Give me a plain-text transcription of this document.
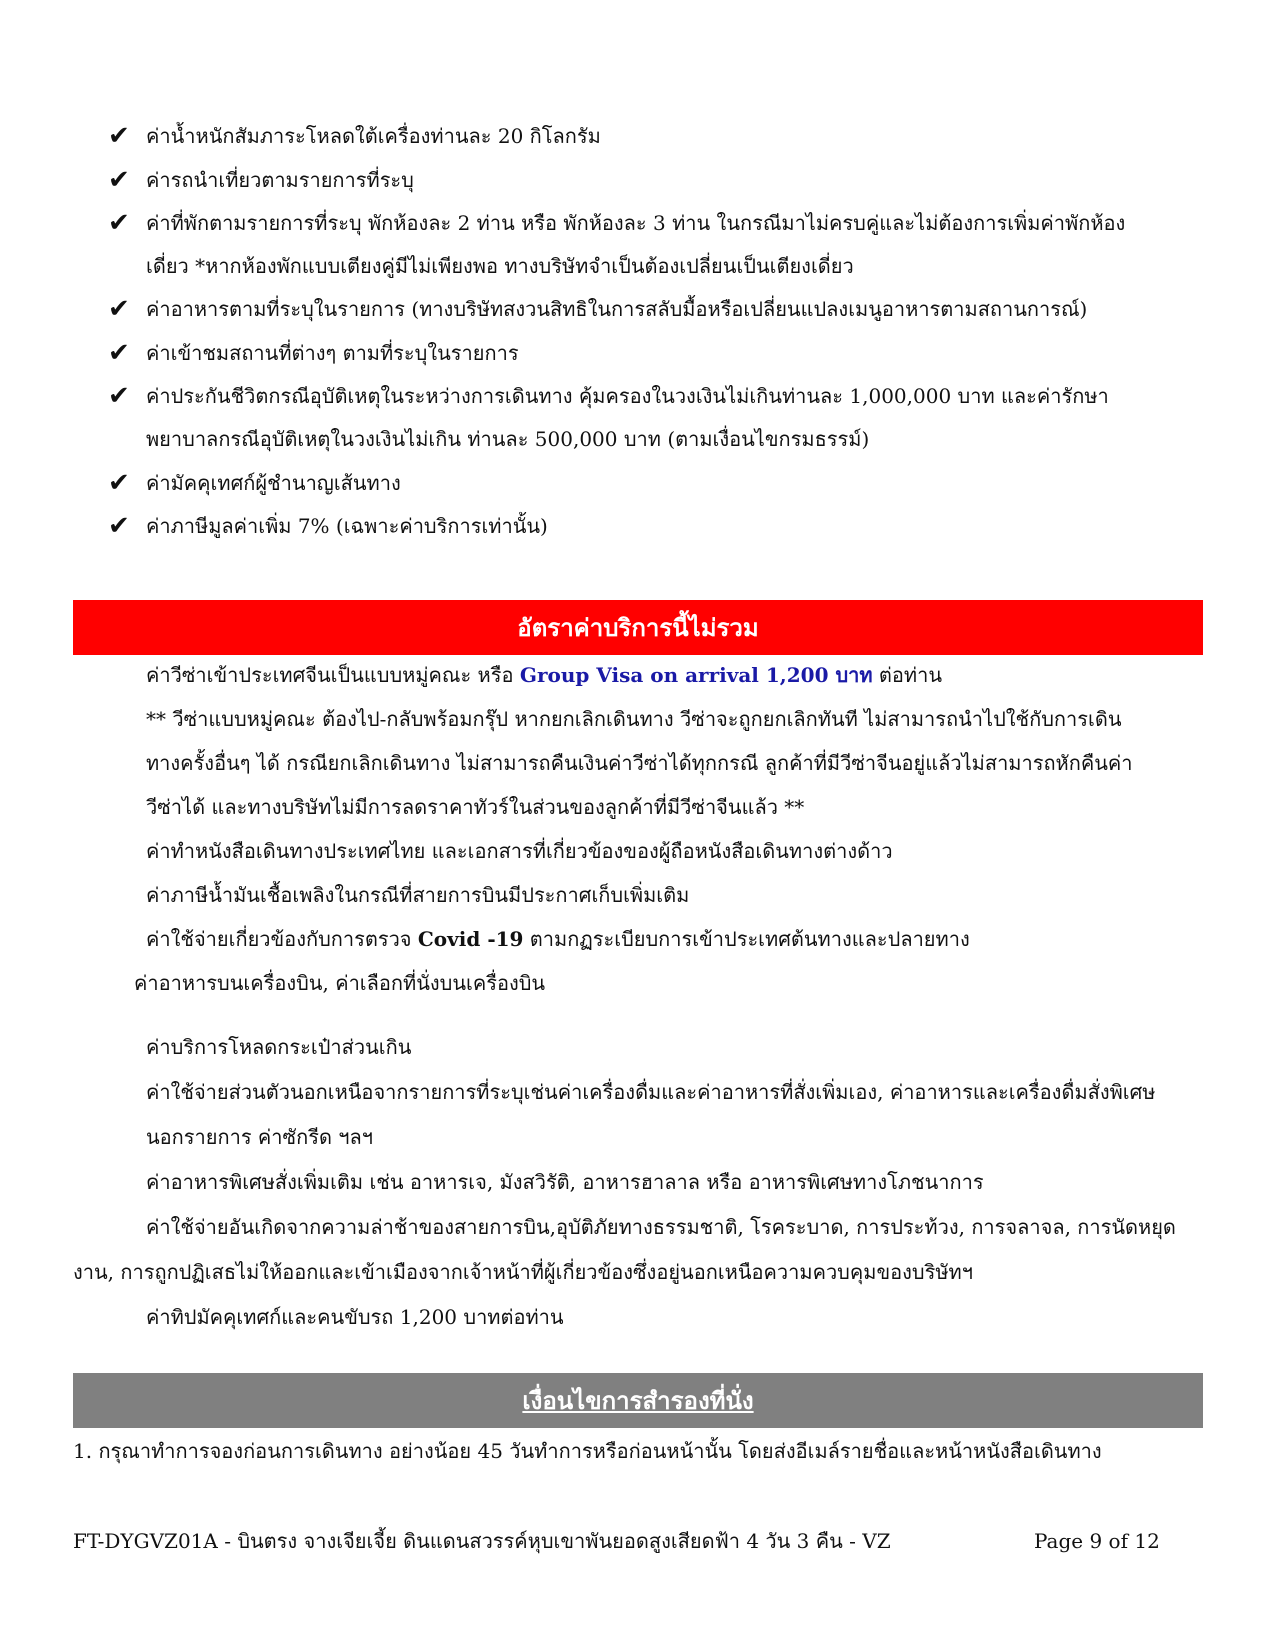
✔ ค่าน้ำหนักสัมภาระโหลดใต้เครื่องท่านละ 20 กิโลกรัม
✔ ค่ารถนำเที่ยวตามรายการที่ระบุ
✔ ค่าที่พักตามรายการที่ระบุ พักห้องละ 2 ท่าน หรือ พักห้องละ 3 ท่าน ในกรณีมาไม่ครบคู่และไม่ต้องการเพิ่มค่าพักห้อง
เดี่ยว *หากห้องพักแบบเตียงคู่มีไม่เพียงพอ ทางบริษัทจำเป็นต้องเปลี่ยนเป็นเตียงเดี่ยว
✔ ค่าอาหารตามที่ระบุในรายการ (ทางบริษัทสงวนสิทธิในการสลับมื้อหรือเปลี่ยนแปลงเมนูอาหารตามสถานการณ์)
✔ ค่าเข้าชมสถานที่ต่างๆ ตามที่ระบุในรายการ
✔ ค่าประกันชีวิตกรณีอุบัติเหตุในระหว่างการเดินทาง คุ้มครองในวงเงินไม่เกินท่านละ 1,000,000 บาท และค่ารักษา
พยาบาลกรณีอุบัติเหตุในวงเงินไม่เกิน ท่านละ 500,000 บาท (ตามเงื่อนไขกรมธรรม์)
✔ ค่ามัคคุเทศก์ผู้ชำนาญเส้นทาง
✔ ค่าภาษีมูลค่าเพิ่ม 7% (เฉพาะค่าบริการเท่านั้น)
อัตราค่าบริการนี้ไม่รวม
ค่าวีซ่าเข้าประเทศจีนเป็นแบบหมู่คณะ หรือ Group Visa on arrival 1,200 บาท ต่อท่าน
** วีซ่าแบบหมู่คณะ ต้องไป-กลับพร้อมกรุ๊ป หากยกเลิกเดินทาง วีซ่าจะถูกยกเลิกทันที ไม่สามารถนำไปใช้กับการเดิน
ทางครั้งอื่นๆ ได้ กรณียกเลิกเดินทาง ไม่สามารถคืนเงินค่าวีซ่าได้ทุกกรณี ลูกค้าที่มีวีซ่าจีนอยู่แล้วไม่สามารถหักคืนค่า
วีซ่าได้ และทางบริษัทไม่มีการลดราคาทัวร์ในส่วนของลูกค้าที่มีวีซ่าจีนแล้ว **
ค่าทำหนังสือเดินทางประเทศไทย และเอกสารที่เกี่ยวข้องของผู้ถือหนังสือเดินทางต่างด้าว
ค่าภาษีน้ำมันเชื้อเพลิงในกรณีที่สายการบินมีประกาศเก็บเพิ่มเติม
ค่าใช้จ่ายเกี่ยวข้องกับการตรวจ Covid -19 ตามกฏระเบียบการเข้าประเทศต้นทางและปลายทาง
ค่าอาหารบนเครื่องบิน, ค่าเลือกที่นั่งบนเครื่องบิน
ค่าบริการโหลดกระเป๋าส่วนเกิน
ค่าใช้จ่ายส่วนตัวนอกเหนือจากรายการที่ระบุเช่นค่าเครื่องดื่มและค่าอาหารที่สั่งเพิ่มเอง, ค่าอาหารและเครื่องดื่มสั่งพิเศษ
นอกรายการ ค่าซักรีด ฯลฯ
ค่าอาหารพิเศษสั่งเพิ่มเติม เช่น อาหารเจ, มังสวิรัติ, อาหารฮาลาล หรือ อาหารพิเศษทางโภชนาการ
ค่าใช้จ่ายอันเกิดจากความล่าช้าของสายการบิน,อุบัติภัยทางธรรมชาติ, โรคระบาด, การประท้วง, การจลาจล, การนัดหยุด
งาน, การถูกปฏิเสธไม่ให้ออกและเข้าเมืองจากเจ้าหน้าที่ผู้เกี่ยวข้องซึ่งอยู่นอกเหนือความควบคุมของบริษัทฯ
ค่าทิปมัคคุเทศก์และคนขับรถ 1,200 บาทต่อท่าน
เงื่อนไขการสำรองที่นั่ง
1. กรุณาทำการจองก่อนการเดินทาง อย่างน้อย 45 วันทำการหรือก่อนหน้านั้น โดยส่งอีเมล์รายชื่อและหน้าหนังสือเดินทาง
FT-DYGVZ01A - บินตรง จางเจียเจี้ย ดินแดนสวรรค์หุบเขาพันยอดสูงเสียดฟ้า 4 วัน 3 คืน - VZ	Page 9 of 12
